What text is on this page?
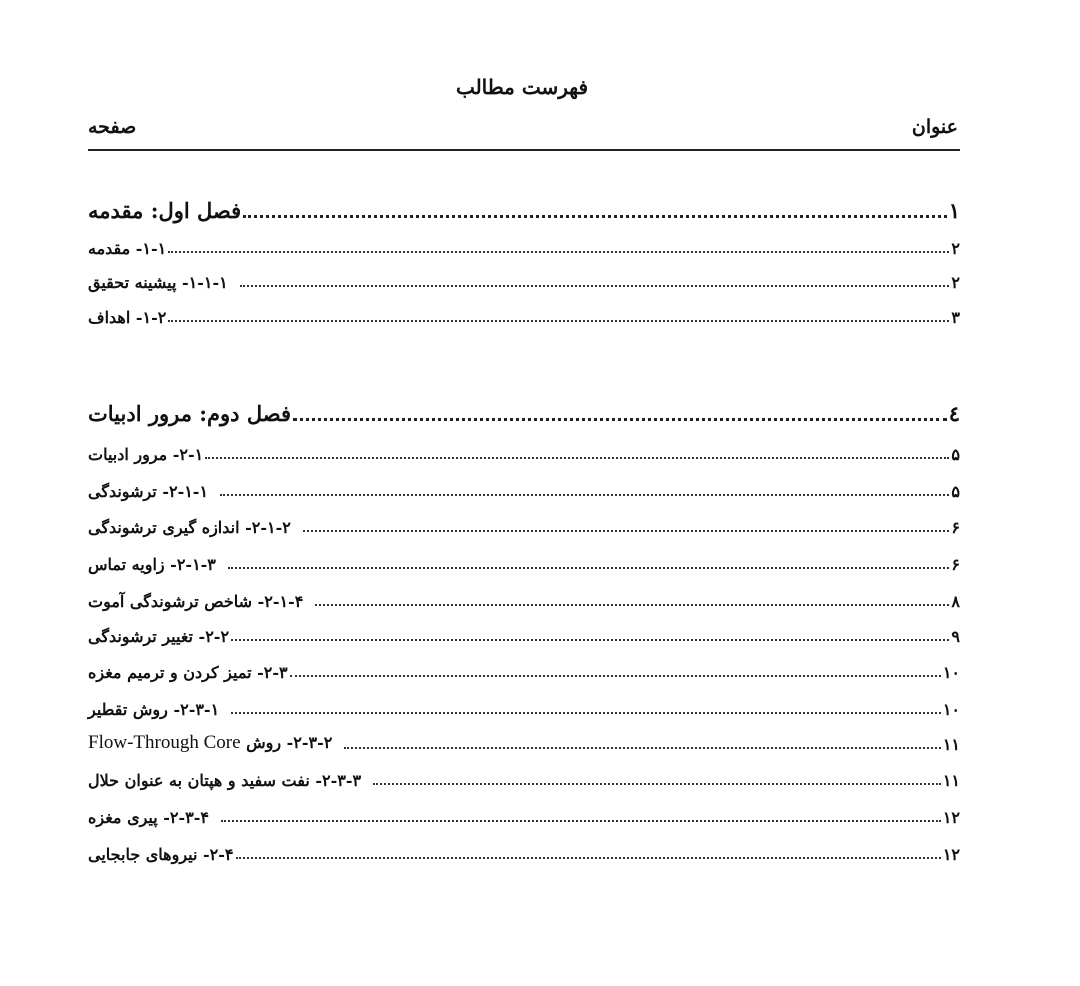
فهرست مطالب
عنوان
صفحه
فصل اول: مقدمه	۱
۱-۱- مقدمه	۲
۱-۱-۱- پیشینه تحقیق	۲
۱-۲- اهداف	۳
فصل دوم: مرور ادبیات	٤
۲-۱- مرور ادبیات	۵
۲-۱-۱- ترشوندگی	۵
۲-۱-۲- اندازه گیری ترشوندگی	۶
۲-۱-۳- زاویه تماس	۶
۲-۱-۴- شاخص ترشوندگی آموت	۸
۲-۲- تغییر ترشوندگی	۹
۲-۳- تمیز کردن و ترمیم مغزه	۱۰
۲-۳-۱- روش تقطیر	۱۰
۲-۳-۲- روش Flow-Through Core	۱۱
۲-۳-۳- نفت سفید و هپتان به عنوان حلال	۱۱
۲-۳-۴- پیری مغزه	۱۲
۲-۴- نیروهای جابجایی	۱۲
